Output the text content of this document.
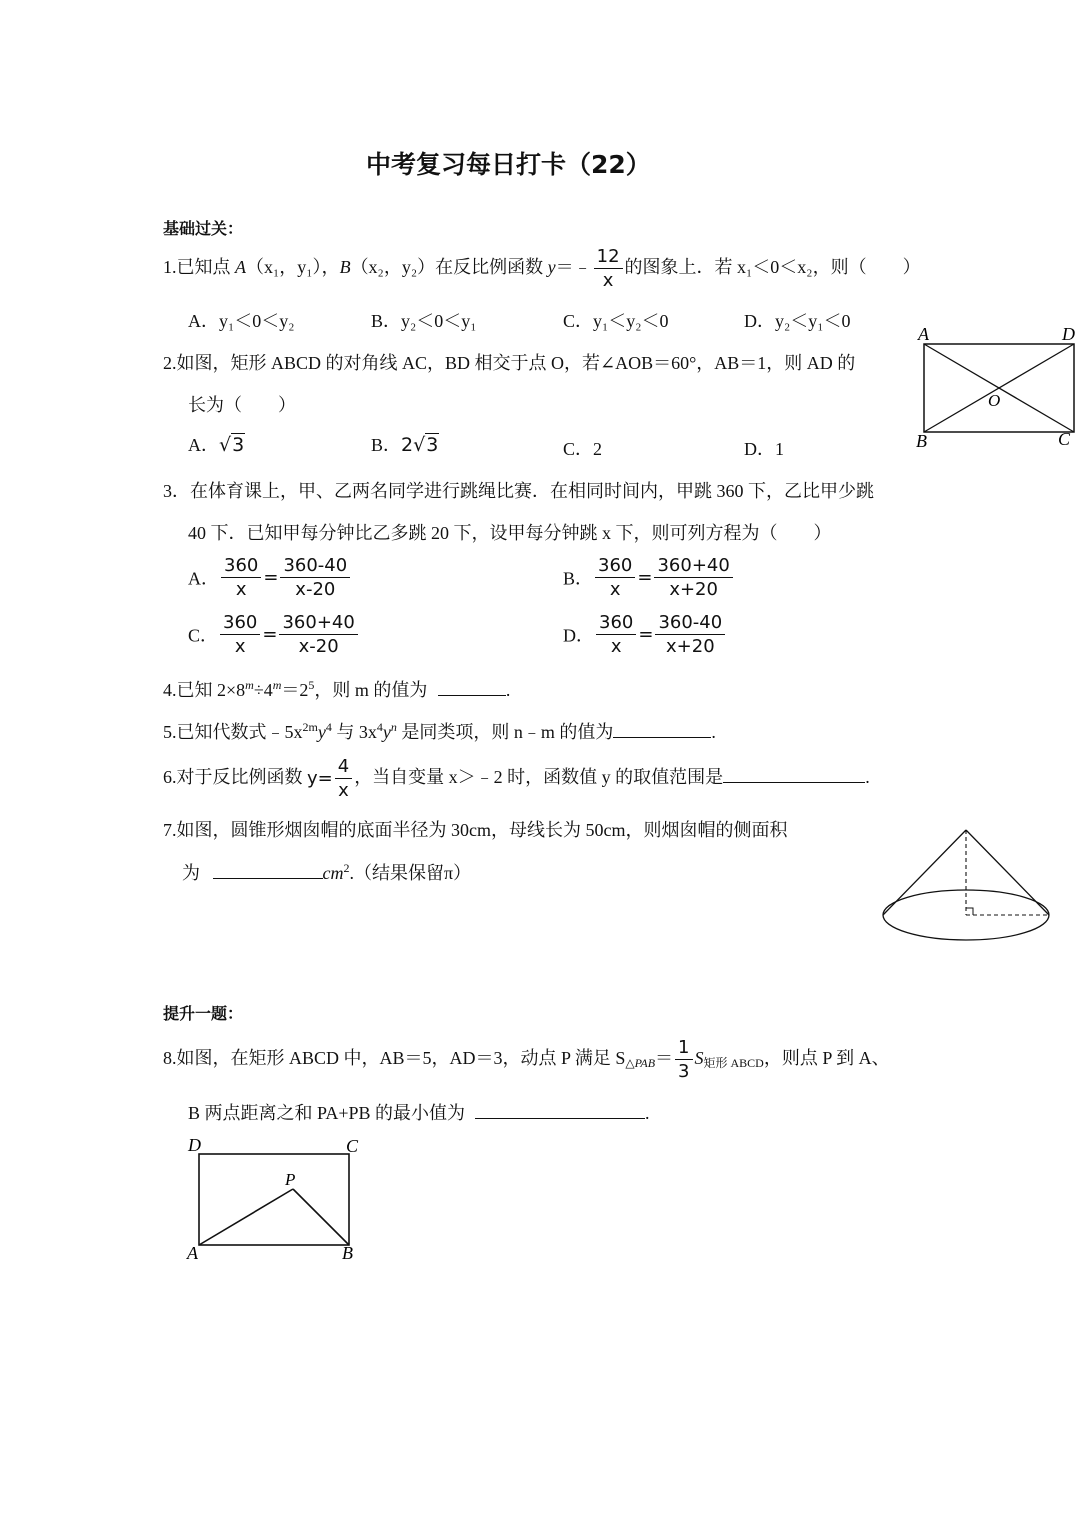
中考复习每日打卡（22）
基础过关：
1.已知点 A（x₁，y₁），B（x₂，y₂）在反比例函数 y＝﹣ $\frac{12}{x}$ 的图象上．若 x₁＜0＜x₂，则（　　）
A．y₁＜0＜y₂	B．y₂＜0＜y₁	C．y₁＜y₂＜0	D．y₂＜y₁＜0
2.如图，矩形 ABCD 的对角线 AC，BD 相交于点 O，若∠AOB＝60°，AB＝1，则 AD 的
长为（　　）
A．√3	B．2√3	C．2	D．1
A	D
B	C
O
3．在体育课上，甲、乙两名同学进行跳绳比赛．在相同时间内，甲跳 360 下，乙比甲少跳
40 下．已知甲每分钟比乙多跳 20 下，设甲每分钟跳 x 下，则可列方程为（　　）
A． $\frac{360}{x} = \frac{360-40}{x-20}$	B． $\frac{360}{x} = \frac{360+40}{x+20}$
C． $\frac{360}{x} = \frac{360+40}{x-20}$	D． $\frac{360}{x} = \frac{360-40}{x+20}$
4.已知 $2\times 8^m\div 4^m=2^5$，则 m 的值为	.
5.已知代数式$﹣5x^{2m}y^4$ 与 $3x^4y^n$ 是同类项，则 n﹣m 的值为	.
6.对于反比例函数 $y= \frac{4}{x}$ ，当自变量 x＞﹣2 时，函数值 y 的取值范围是	.
7.如图，圆锥形烟囱帽的底面半径为 30cm，母线长为 50cm，则烟囱帽的侧面积
为	$cm^2$.（结果保留π）
提升一题：
8.如图，在矩形 ABCD 中，AB＝5，AD＝3，动点 P 满足 $S_{\triangle PAB}= \frac{1}{3} S_{矩形 ABCD}$，则点 P 到 A、
B 两点距离之和 PA+PB 的最小值为	.
D	C
P
A	B
